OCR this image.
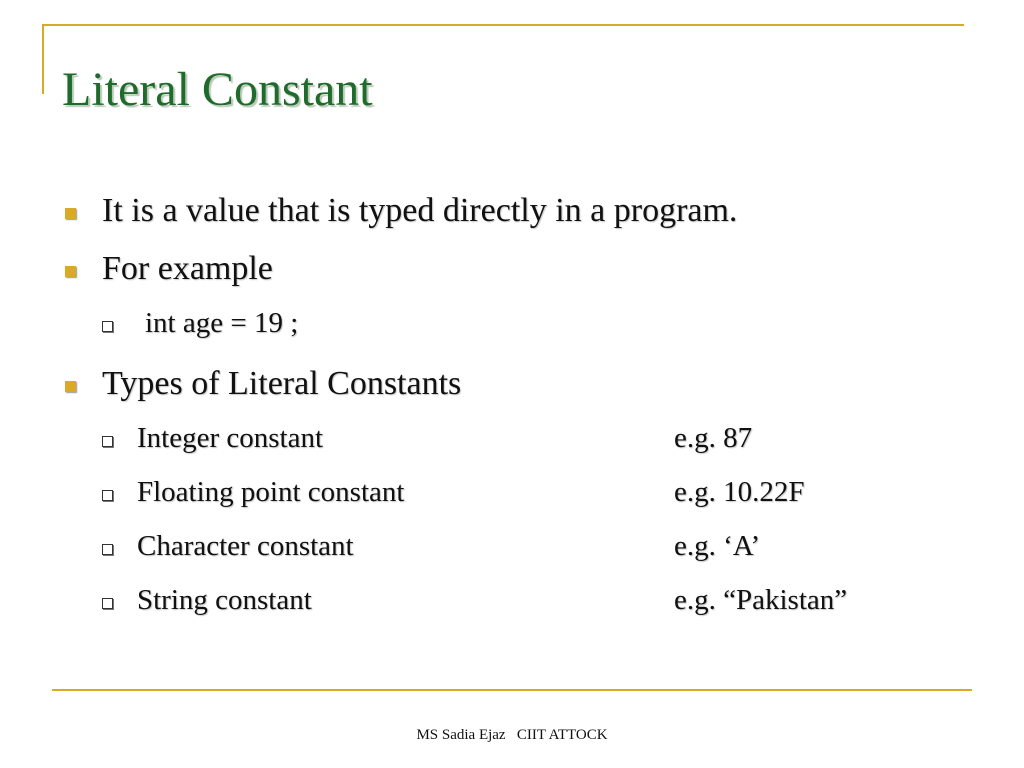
Literal Constant
It is a value that is typed directly in a program.
For example
int age = 19 ;
Types of Literal Constants
Integer constant	e.g. 87
Floating point constant	e.g. 10.22F
Character constant	e.g. ‘A’
String constant	e.g. “Pakistan”
MS Sadia Ejaz   CIIT ATTOCK
